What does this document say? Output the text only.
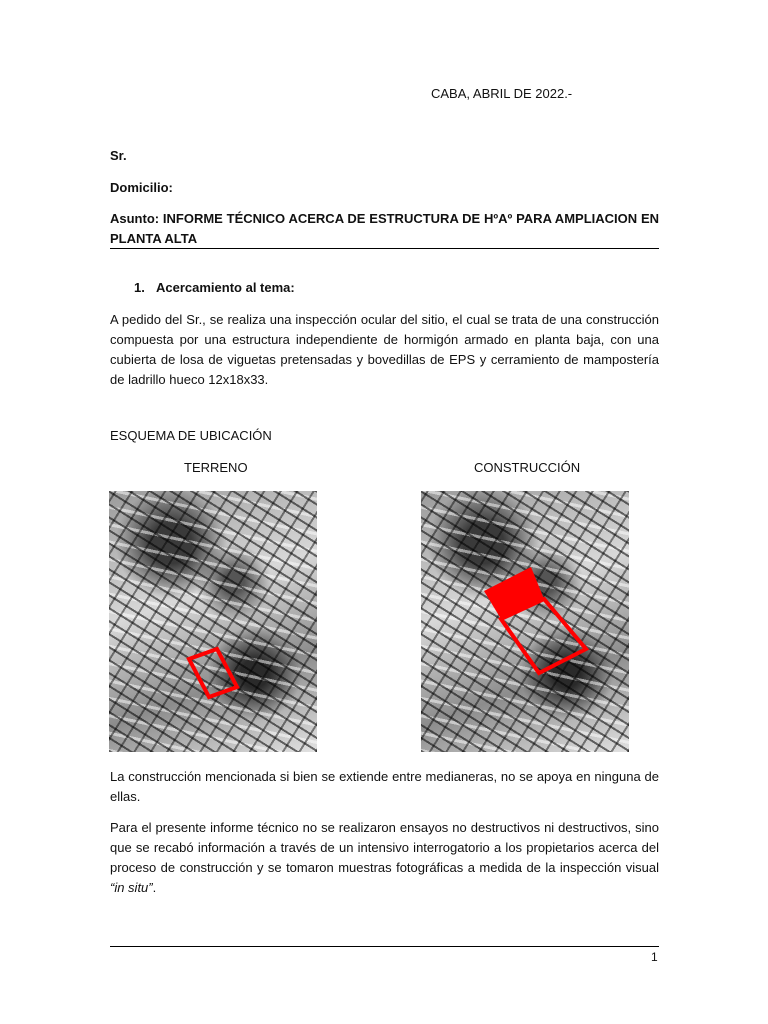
CABA, ABRIL DE 2022.-
Sr.
Domicilio:
Asunto: INFORME TÉCNICO ACERCA DE ESTRUCTURA DE HºAº PARA AMPLIACION EN PLANTA ALTA
1. Acercamiento al tema:
A pedido del Sr., se realiza una inspección ocular del sitio, el cual se trata de una construcción compuesta por una estructura independiente de hormigón armado en planta baja, con una cubierta de losa de viguetas pretensadas y bovedillas de EPS y cerramiento de mampostería de ladrillo hueco 12x18x33.
ESQUEMA DE UBICACIÓN
TERRENO	CONSTRUCCIÓN
La construcción mencionada si bien se extiende entre medianeras, no se apoya en ninguna de ellas.
Para el presente informe técnico no se realizaron ensayos no destructivos ni destructivos, sino que se recabó información a través de un intensivo interrogatorio a los propietarios acerca del proceso de construcción y se tomaron muestras fotográficas a medida de la inspección visual “in situ”.
1
